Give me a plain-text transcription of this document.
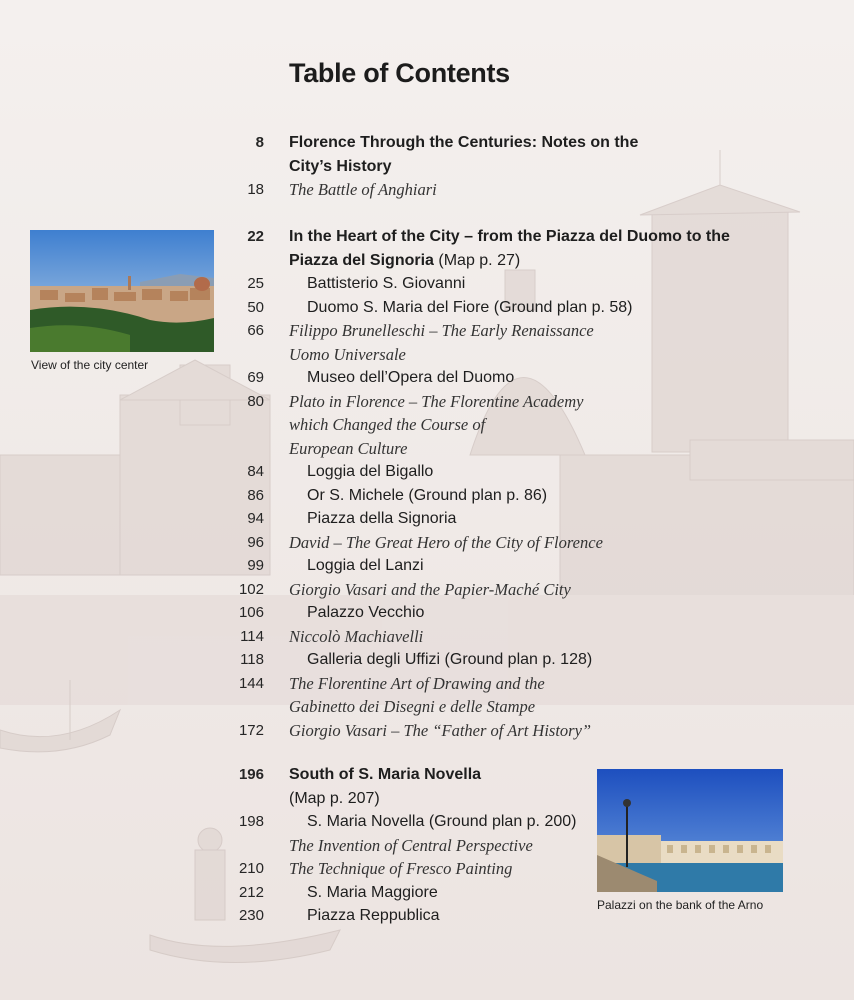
Table of Contents
8 Florence Through the Centuries: Notes on the
City’s History
18 The Battle of Anghiari
22 In the Heart of the City – from the Piazza del Duomo to the
Piazza del Signoria (Map p. 27)
25	Battisterio S. Giovanni
50	Duomo S. Maria del Fiore (Ground plan p. 58)
66 Filippo Brunelleschi – The Early Renaissance
Uomo Universale
69	Museo dell’Opera del Duomo
80 Plato in Florence – The Florentine Academy
which Changed the Course of
European Culture
84	Loggia del Bigallo
86	Or S. Michele (Ground plan p. 86)
94	Piazza della Signoria
96 David – The Great Hero of the City of Florence
99	Loggia del Lanzi
102 Giorgio Vasari and the Papier-Maché City
106	Palazzo Vecchio
114 Niccolò Machiavelli
118	Galleria degli Uffizi (Ground plan p. 128)
144 The Florentine Art of Drawing and the
Gabinetto dei Disegni e delle Stampe
172 Giorgio Vasari – The “Father of Art History”
196 South of S. Maria Novella
(Map p. 207)
198	S. Maria Novella (Ground plan p. 200)
The Invention of Central Perspective
210 The Technique of Fresco Painting
212	S. Maria Maggiore
230	Piazza Reppublica
View of the city center
Palazzi on the bank of the Arno
